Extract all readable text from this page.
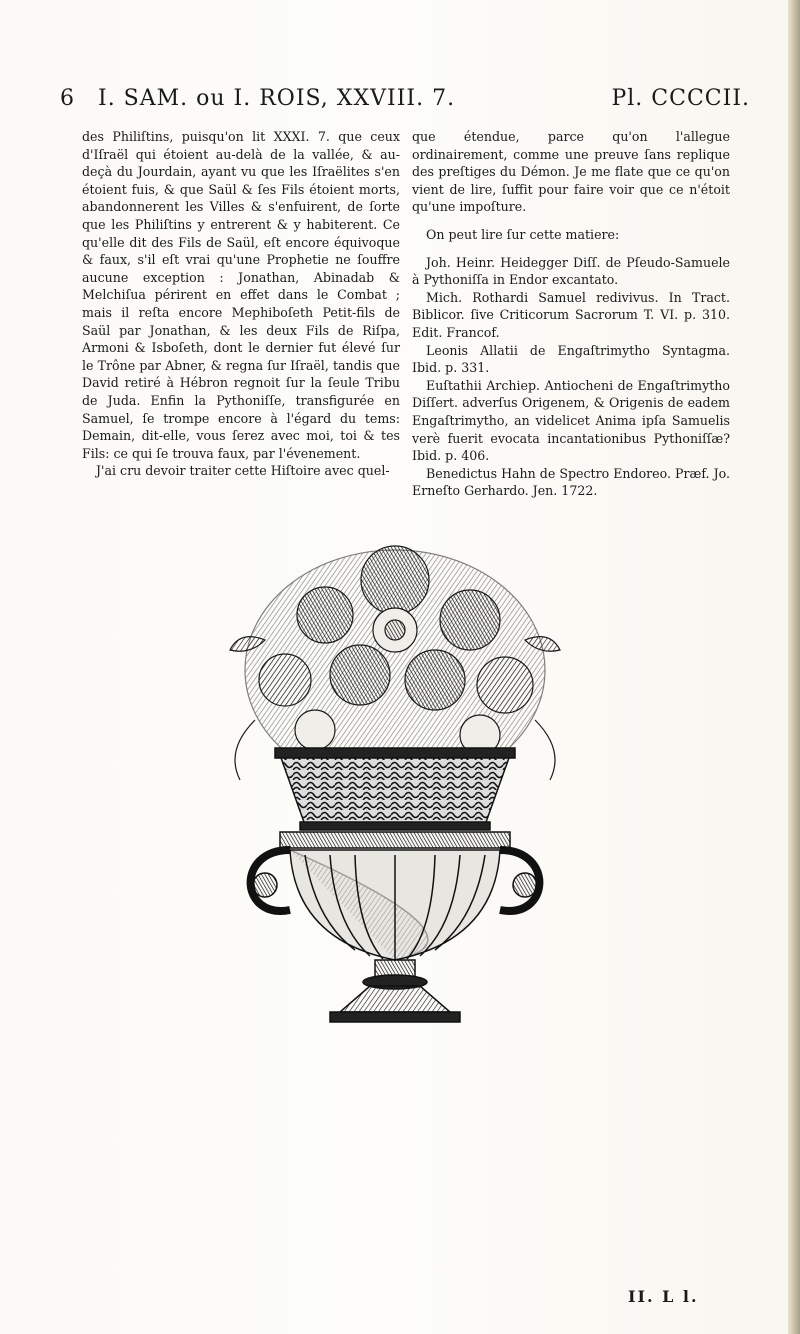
6 I. SAM. ou I. ROIS, XXVIII. 7.	Pl. CCCCII.

des Philiſtins, puisqu'on lit XXXI. 7. que ceux d'Iſraël qui étoient au-delà de la vallée, & au-deçà du Jourdain, ayant vu que les Iſraëlites s'en étoient fuis, & que Saül & ſes Fils étoient morts, abandonnerent les Villes & s'enfuirent, de ſorte que les Philiſtins y entrerent & y habiterent. Ce qu'elle dit des Fils de Saül, eſt encore équivoque & faux, s'il eſt vrai qu'une Prophetie ne ſouffre aucune exception : Jonathan, Abinadab & Melchiſua périrent en effet dans le Combat ; mais il reſta encore Mephiboſeth Petit-fils de Saül par Jonathan, & les deux Fils de Riſpa, Armoni & Isboſeth, dont le dernier fut élevé ſur le Trône par Abner, & regna ſur Iſraël, tandis que David retiré à Hébron regnoit ſur la ſeule Tribu de Juda. Enfin la Pythoniſſe, transfigurée en Samuel, ſe trompe encore à l'égard du tems: Demain, dit-elle, vous ſerez avec moi, toi & tes Fils: ce qui ſe trouva faux, par l'évenement.

J'ai cru devoir traiter cette Hiſtoire avec quel-

que étendue, parce qu'on l'allegue ordinairement, comme une preuve ſans replique des preſtiges du Démon. Je me flate que ce qu'on vient de lire, ſuffit pour faire voir que ce n'étoit qu'une impoſture.

On peut lire ſur cette matiere:

Joh. Heinr. Heidegger Diſſ. de Pſeudo-Samuele à Pythoniſſa in Endor excantato.

Mich. Rothardi Samuel redivivus. In Tract. Biblicor. ſive Criticorum Sacrorum T. VI. p. 310. Edit. Francof.

Leonis Allatii de Engaſtrimytho Syntagma. Ibid. p. 331.

Euſtathii Archiep. Antiocheni de Engaſtrimytho Diſſert. adverſus Origenem, & Origenis de eadem Engaſtrimytho, an videlicet Anima ipſa Samuelis verè fuerit evocata incantationibus Pythoniſſæ? Ibid. p. 406.

Benedictus Hahn de Spectro Endoreo. Præf. Jo. Erneſto Gerhardo. Jen. 1722.

II. L l.
